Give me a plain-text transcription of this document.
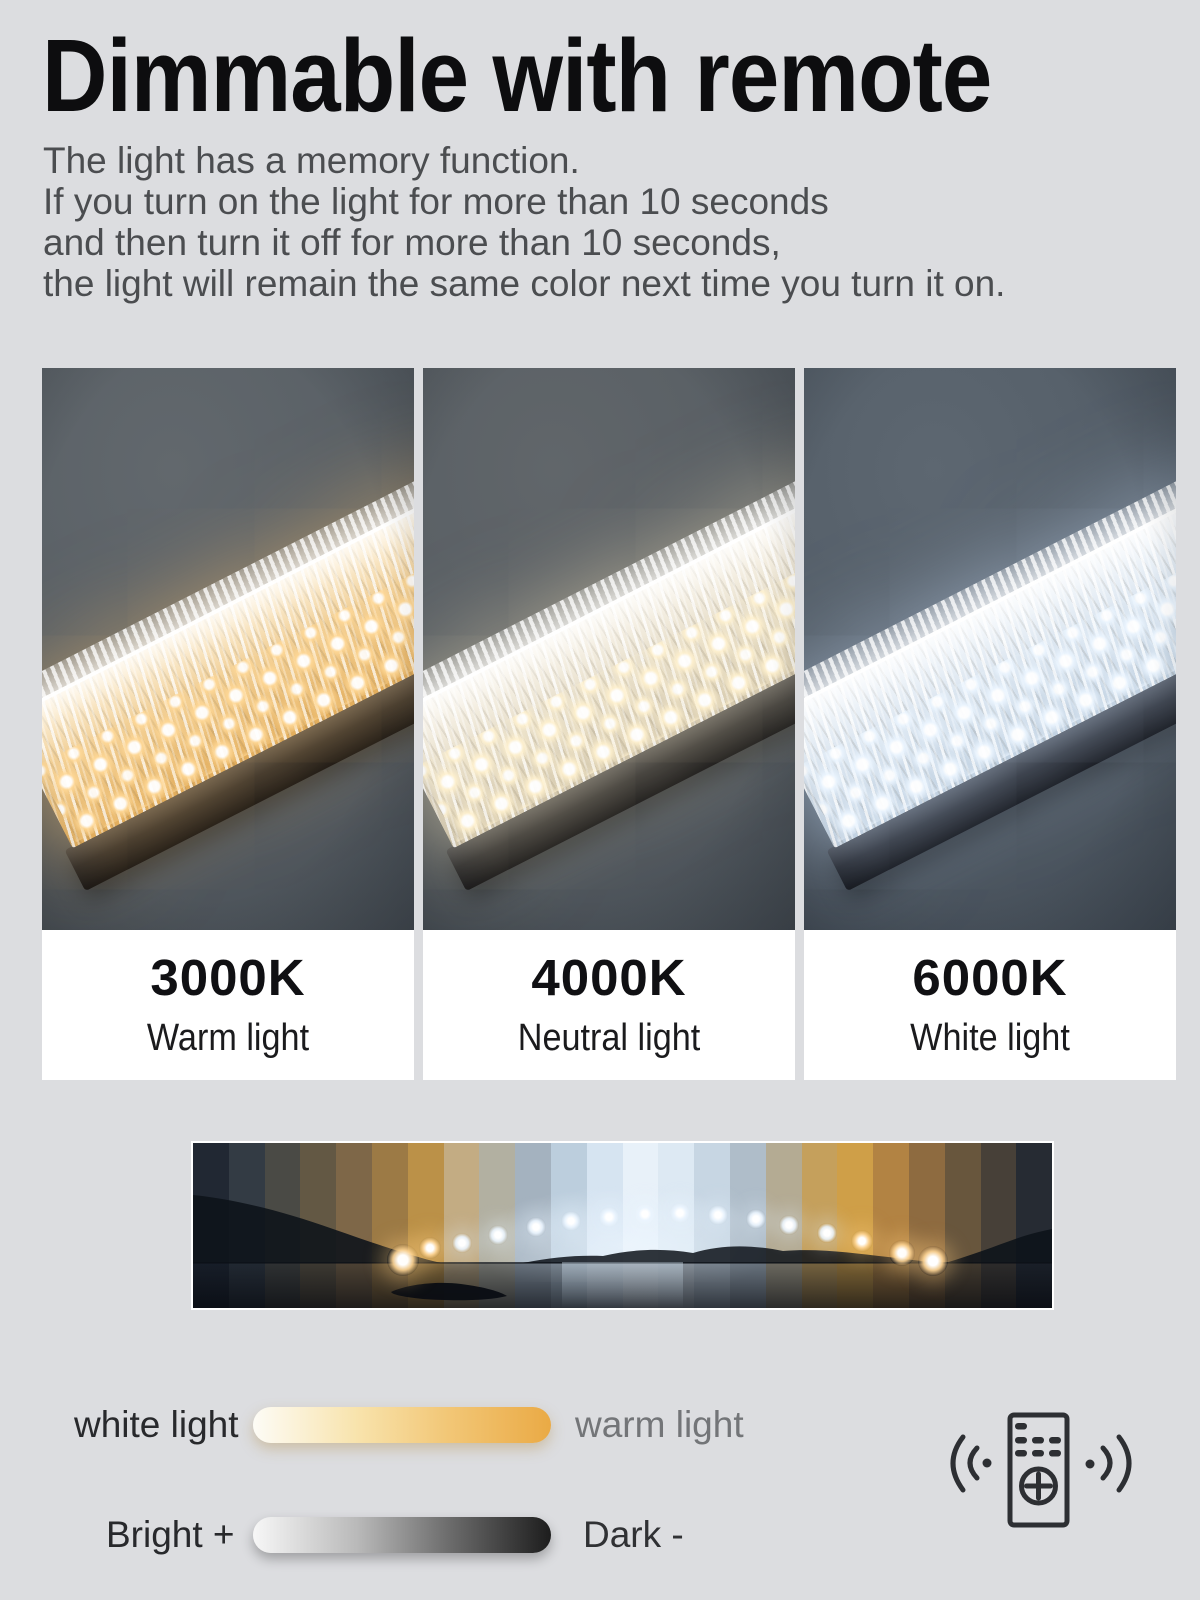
Dimmable with remote
The light has a memory function.
If you turn on the light for more than 10 seconds
and then turn it off for more than 10 seconds,
the light will remain the same color next time you turn it on.
3000K
Warm light
4000K
Neutral light
6000K
White light
white light	warm light
Bright +	Dark -
